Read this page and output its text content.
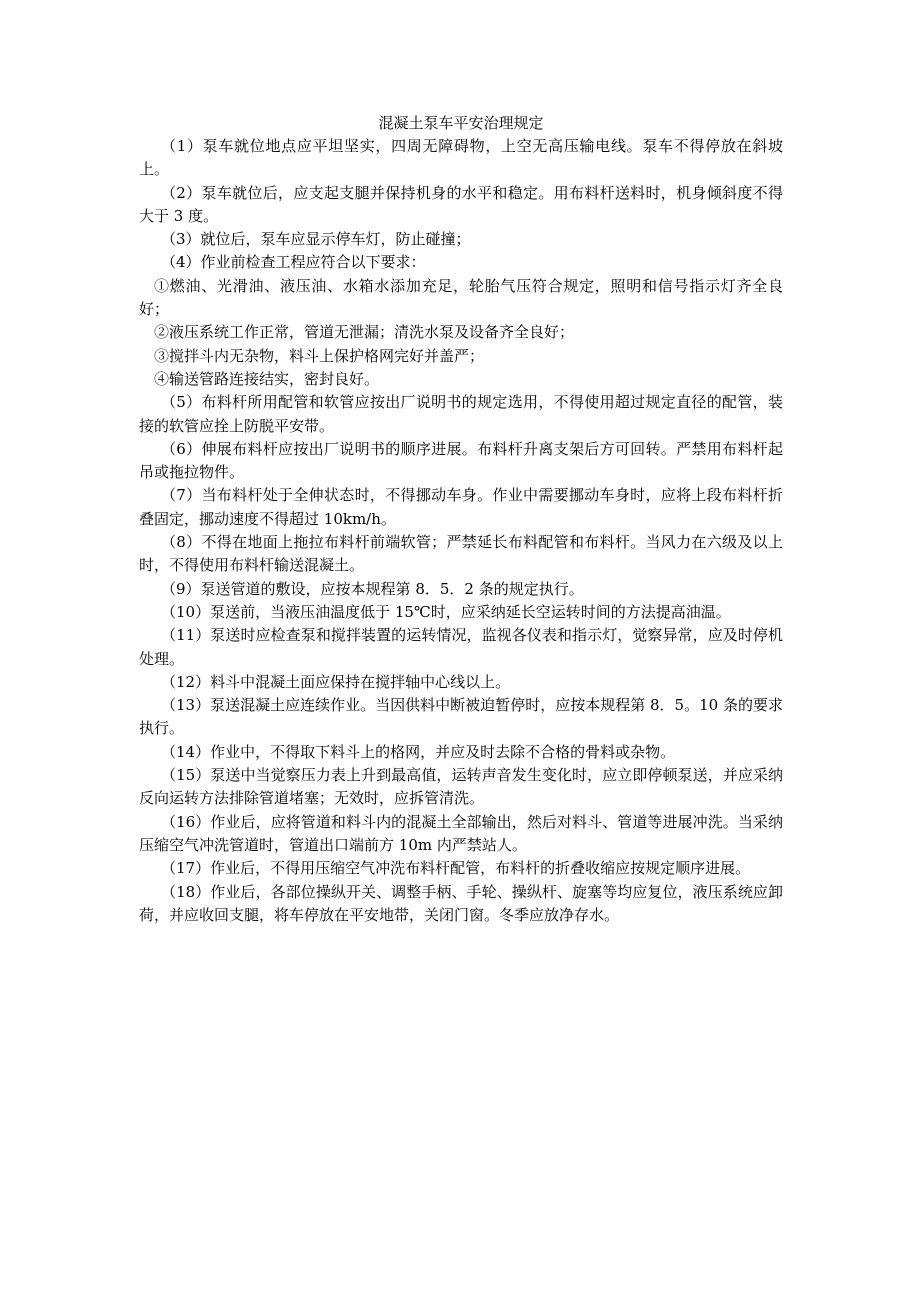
混凝土泵车平安治理规定

（1）泵车就位地点应平坦坚实，四周无障碍物，上空无高压输电线。泵车不得停放在斜坡上。

（2）泵车就位后，应支起支腿并保持机身的水平和稳定。用布料杆送料时，机身倾斜度不得大于 3 度。

（3）就位后，泵车应显示停车灯，防止碰撞；

（4）作业前检查工程应符合以下要求：

①燃油、光滑油、液压油、水箱水添加充足，轮胎气压符合规定，照明和信号指示灯齐全良好；

②液压系统工作正常，管道无泄漏；清洗水泵及设备齐全良好；

③搅拌斗内无杂物，料斗上保护格网完好并盖严；

④输送管路连接结实，密封良好。

（5）布料杆所用配管和软管应按出厂说明书的规定选用，不得使用超过规定直径的配管，装接的软管应拴上防脱平安带。

（6）伸展布料杆应按出厂说明书的顺序进展。布料杆升离支架后方可回转。严禁用布料杆起吊或拖拉物件。

（7）当布料杆处于全伸状态时，不得挪动车身。作业中需要挪动车身时，应将上段布料杆折叠固定，挪动速度不得超过 10km/h。

（8）不得在地面上拖拉布料杆前端软管；严禁延长布料配管和布料杆。当风力在六级及以上时，不得使用布料杆输送混凝土。

（9）泵送管道的敷设，应按本规程第 8．5．2 条的规定执行。

（10）泵送前，当液压油温度低于 15℃时，应采纳延长空运转时间的方法提高油温。

（11）泵送时应检查泵和搅拌装置的运转情况，监视各仪表和指示灯，觉察异常，应及时停机处理。

（12）料斗中混凝土面应保持在搅拌轴中心线以上。

（13）泵送混凝土应连续作业。当因供料中断被迫暂停时，应按本规程第 8．5。10 条的要求执行。

（14）作业中，不得取下料斗上的格网，并应及时去除不合格的骨料或杂物。

（15）泵送中当觉察压力表上升到最高值，运转声音发生变化时，应立即停顿泵送，并应采纳反向运转方法排除管道堵塞；无效时，应拆管清洗。

（16）作业后，应将管道和料斗内的混凝土全部输出，然后对料斗、管道等进展冲洗。当采纳压缩空气冲洗管道时，管道出口端前方 10m 内严禁站人。

（17）作业后，不得用压缩空气冲洗布料杆配管，布料杆的折叠收缩应按规定顺序进展。

（18）作业后，各部位操纵开关、调整手柄、手轮、操纵杆、旋塞等均应复位，液压系统应卸荷，并应收回支腿，将车停放在平安地带，关闭门窗。冬季应放净存水。
